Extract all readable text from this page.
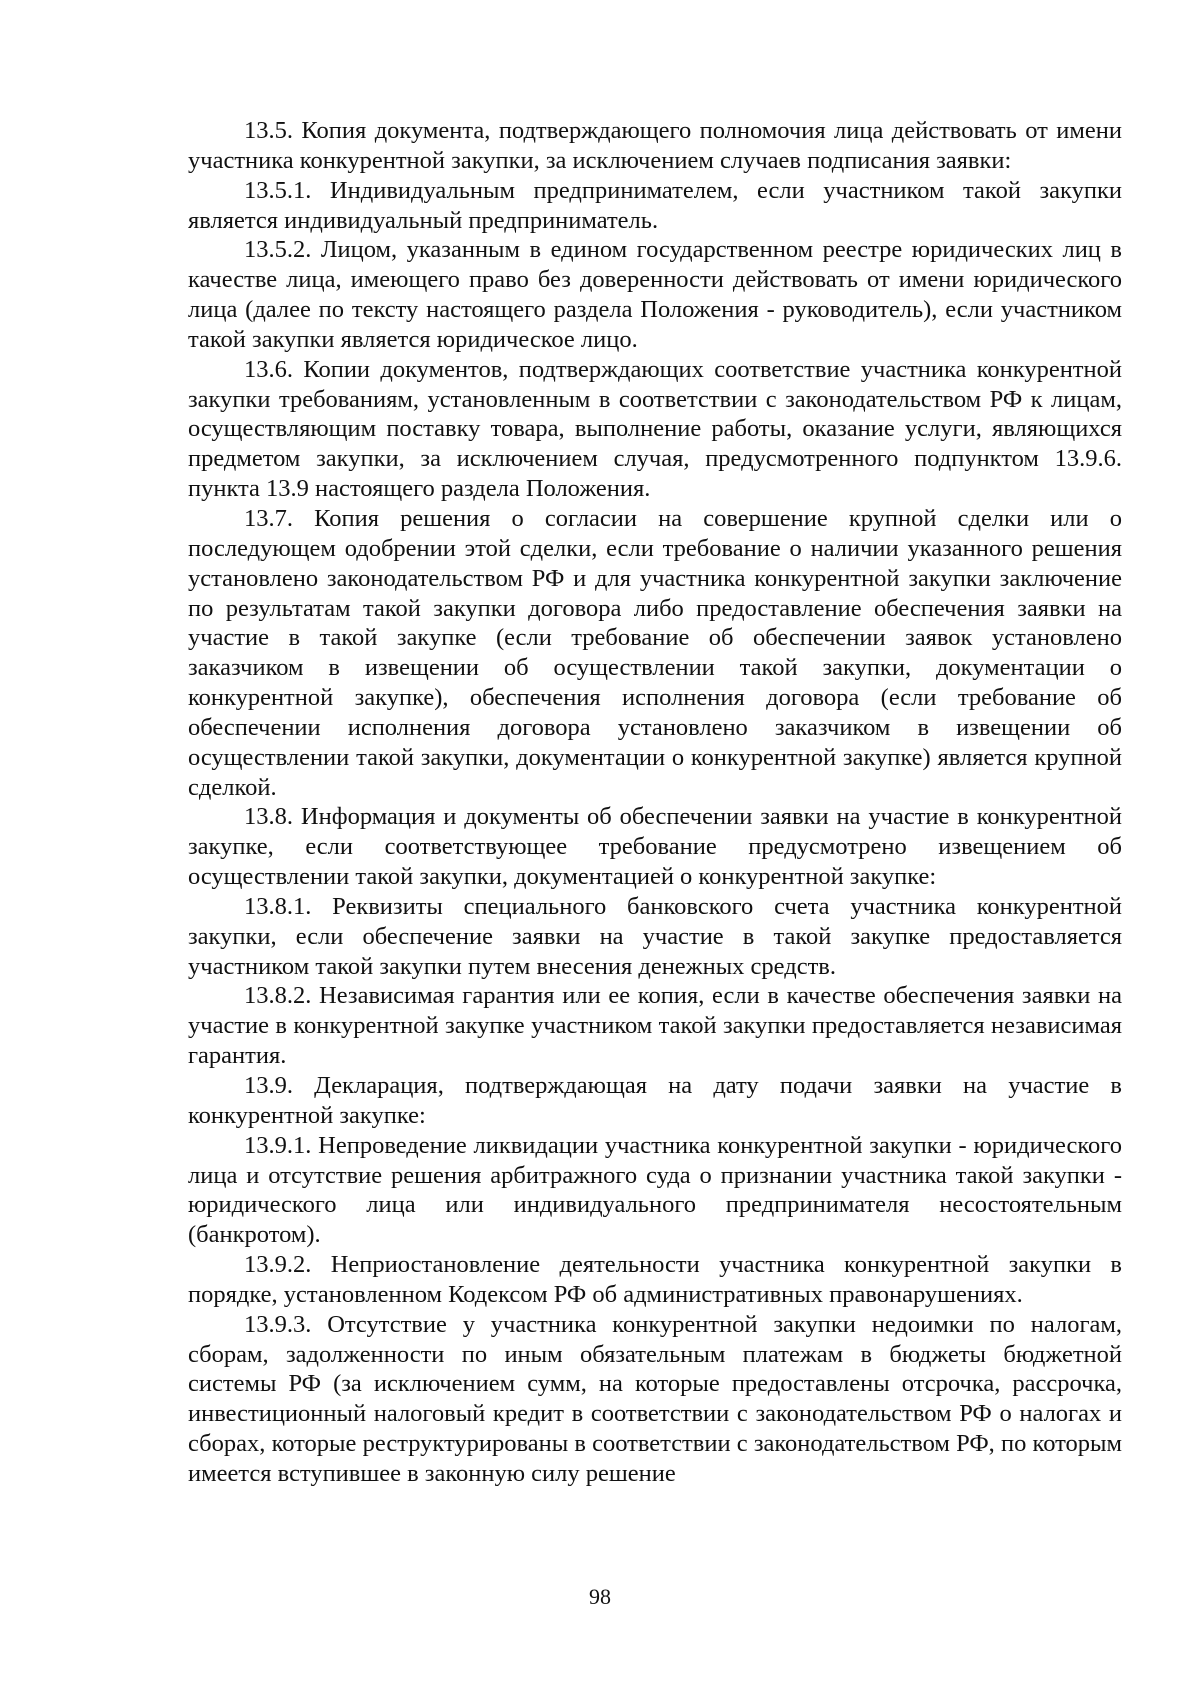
13.5. Копия документа, подтверждающего полномочия лица действовать от имени участника конкурентной закупки, за исключением случаев подписания заявки:

13.5.1. Индивидуальным предпринимателем, если участником такой закупки является индивидуальный предприниматель.

13.5.2. Лицом, указанным в едином государственном реестре юридических лиц в качестве лица, имеющего право без доверенности действовать от имени юридического лица (далее по тексту настоящего раздела Положения - руководитель), если участником такой закупки является юридическое лицо.

13.6. Копии документов, подтверждающих соответствие участника конкурентной закупки требованиям, установленным в соответствии с законодательством РФ к лицам, осуществляющим поставку товара, выполнение работы, оказание услуги, являющихся предметом закупки, за исключением случая, предусмотренного подпунктом 13.9.6. пункта 13.9 настоящего раздела Положения.

13.7. Копия решения о согласии на совершение крупной сделки или о последующем одобрении этой сделки, если требование о наличии указанного решения установлено законодательством РФ и для участника конкурентной закупки заключение по результатам такой закупки договора либо предоставление обеспечения заявки на участие в такой закупке (если требование об обеспечении заявок установлено заказчиком в извещении об осуществлении такой закупки, документации о конкурентной закупке), обеспечения исполнения договора (если требование об обеспечении исполнения договора установлено заказчиком в извещении об осуществлении такой закупки, документации о конкурентной закупке) является крупной сделкой.

13.8. Информация и документы об обеспечении заявки на участие в конкурентной закупке, если соответствующее требование предусмотрено извещением об осуществлении такой закупки, документацией о конкурентной закупке:

13.8.1. Реквизиты специального банковского счета участника конкурентной закупки, если обеспечение заявки на участие в такой закупке предоставляется участником такой закупки путем внесения денежных средств.

13.8.2. Независимая гарантия или ее копия, если в качестве обеспечения заявки на участие в конкурентной закупке участником такой закупки предоставляется независимая гарантия.

13.9. Декларация, подтверждающая на дату подачи заявки на участие в конкурентной закупке:

13.9.1. Непроведение ликвидации участника конкурентной закупки - юридического лица и отсутствие решения арбитражного суда о признании участника такой закупки - юридического лица или индивидуального предпринимателя несостоятельным (банкротом).

13.9.2. Неприостановление деятельности участника конкурентной закупки в порядке, установленном Кодексом РФ об административных правонарушениях.

13.9.3. Отсутствие у участника конкурентной закупки недоимки по налогам, сборам, задолженности по иным обязательным платежам в бюджеты бюджетной системы РФ (за исключением сумм, на которые предоставлены отсрочка, рассрочка, инвестиционный налоговый кредит в соответствии с законодательством РФ о налогах и сборах, которые реструктурированы в соответствии с законодательством РФ, по которым имеется вступившее в законную силу решение

98
